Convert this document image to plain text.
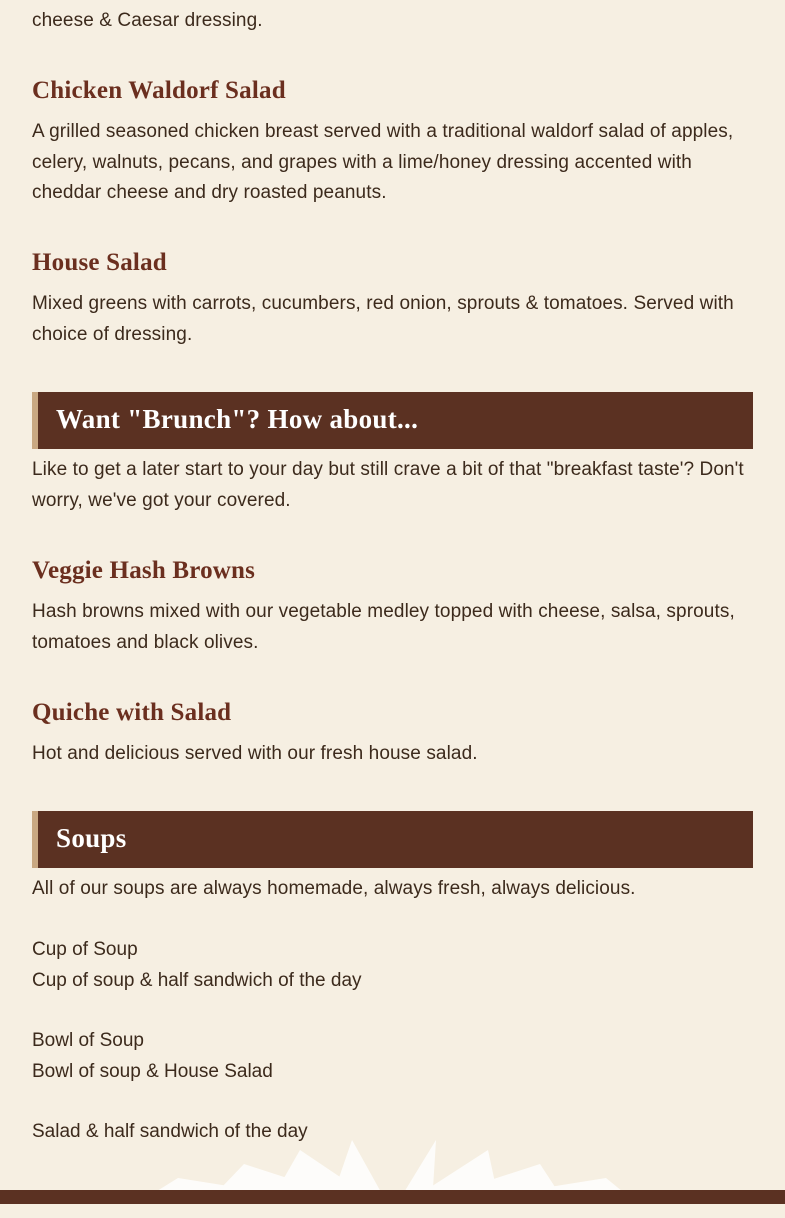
cheese & Caesar dressing.

Chicken Waldorf Salad

A grilled seasoned chicken breast served with a traditional waldorf salad of apples, celery, walnuts, pecans, and grapes with a lime/honey dressing accented with cheddar cheese and dry roasted peanuts.

House Salad

Mixed greens with carrots, cucumbers, red onion, sprouts & tomatoes. Served with choice of dressing.

Want "Brunch"? How about...

Like to get a later start to your day but still crave a bit of that "breakfast taste'? Don't worry, we've got your covered.

Veggie Hash Browns

Hash browns mixed with our vegetable medley topped with cheese, salsa, sprouts, tomatoes and black olives.

Quiche with Salad

Hot and delicious served with our fresh house salad.

Soups

All of our soups are always homemade, always fresh, always delicious.

Cup of Soup

Cup of soup & half sandwich of the day

Bowl of Soup

Bowl of soup & House Salad

Salad & half sandwich of the day
